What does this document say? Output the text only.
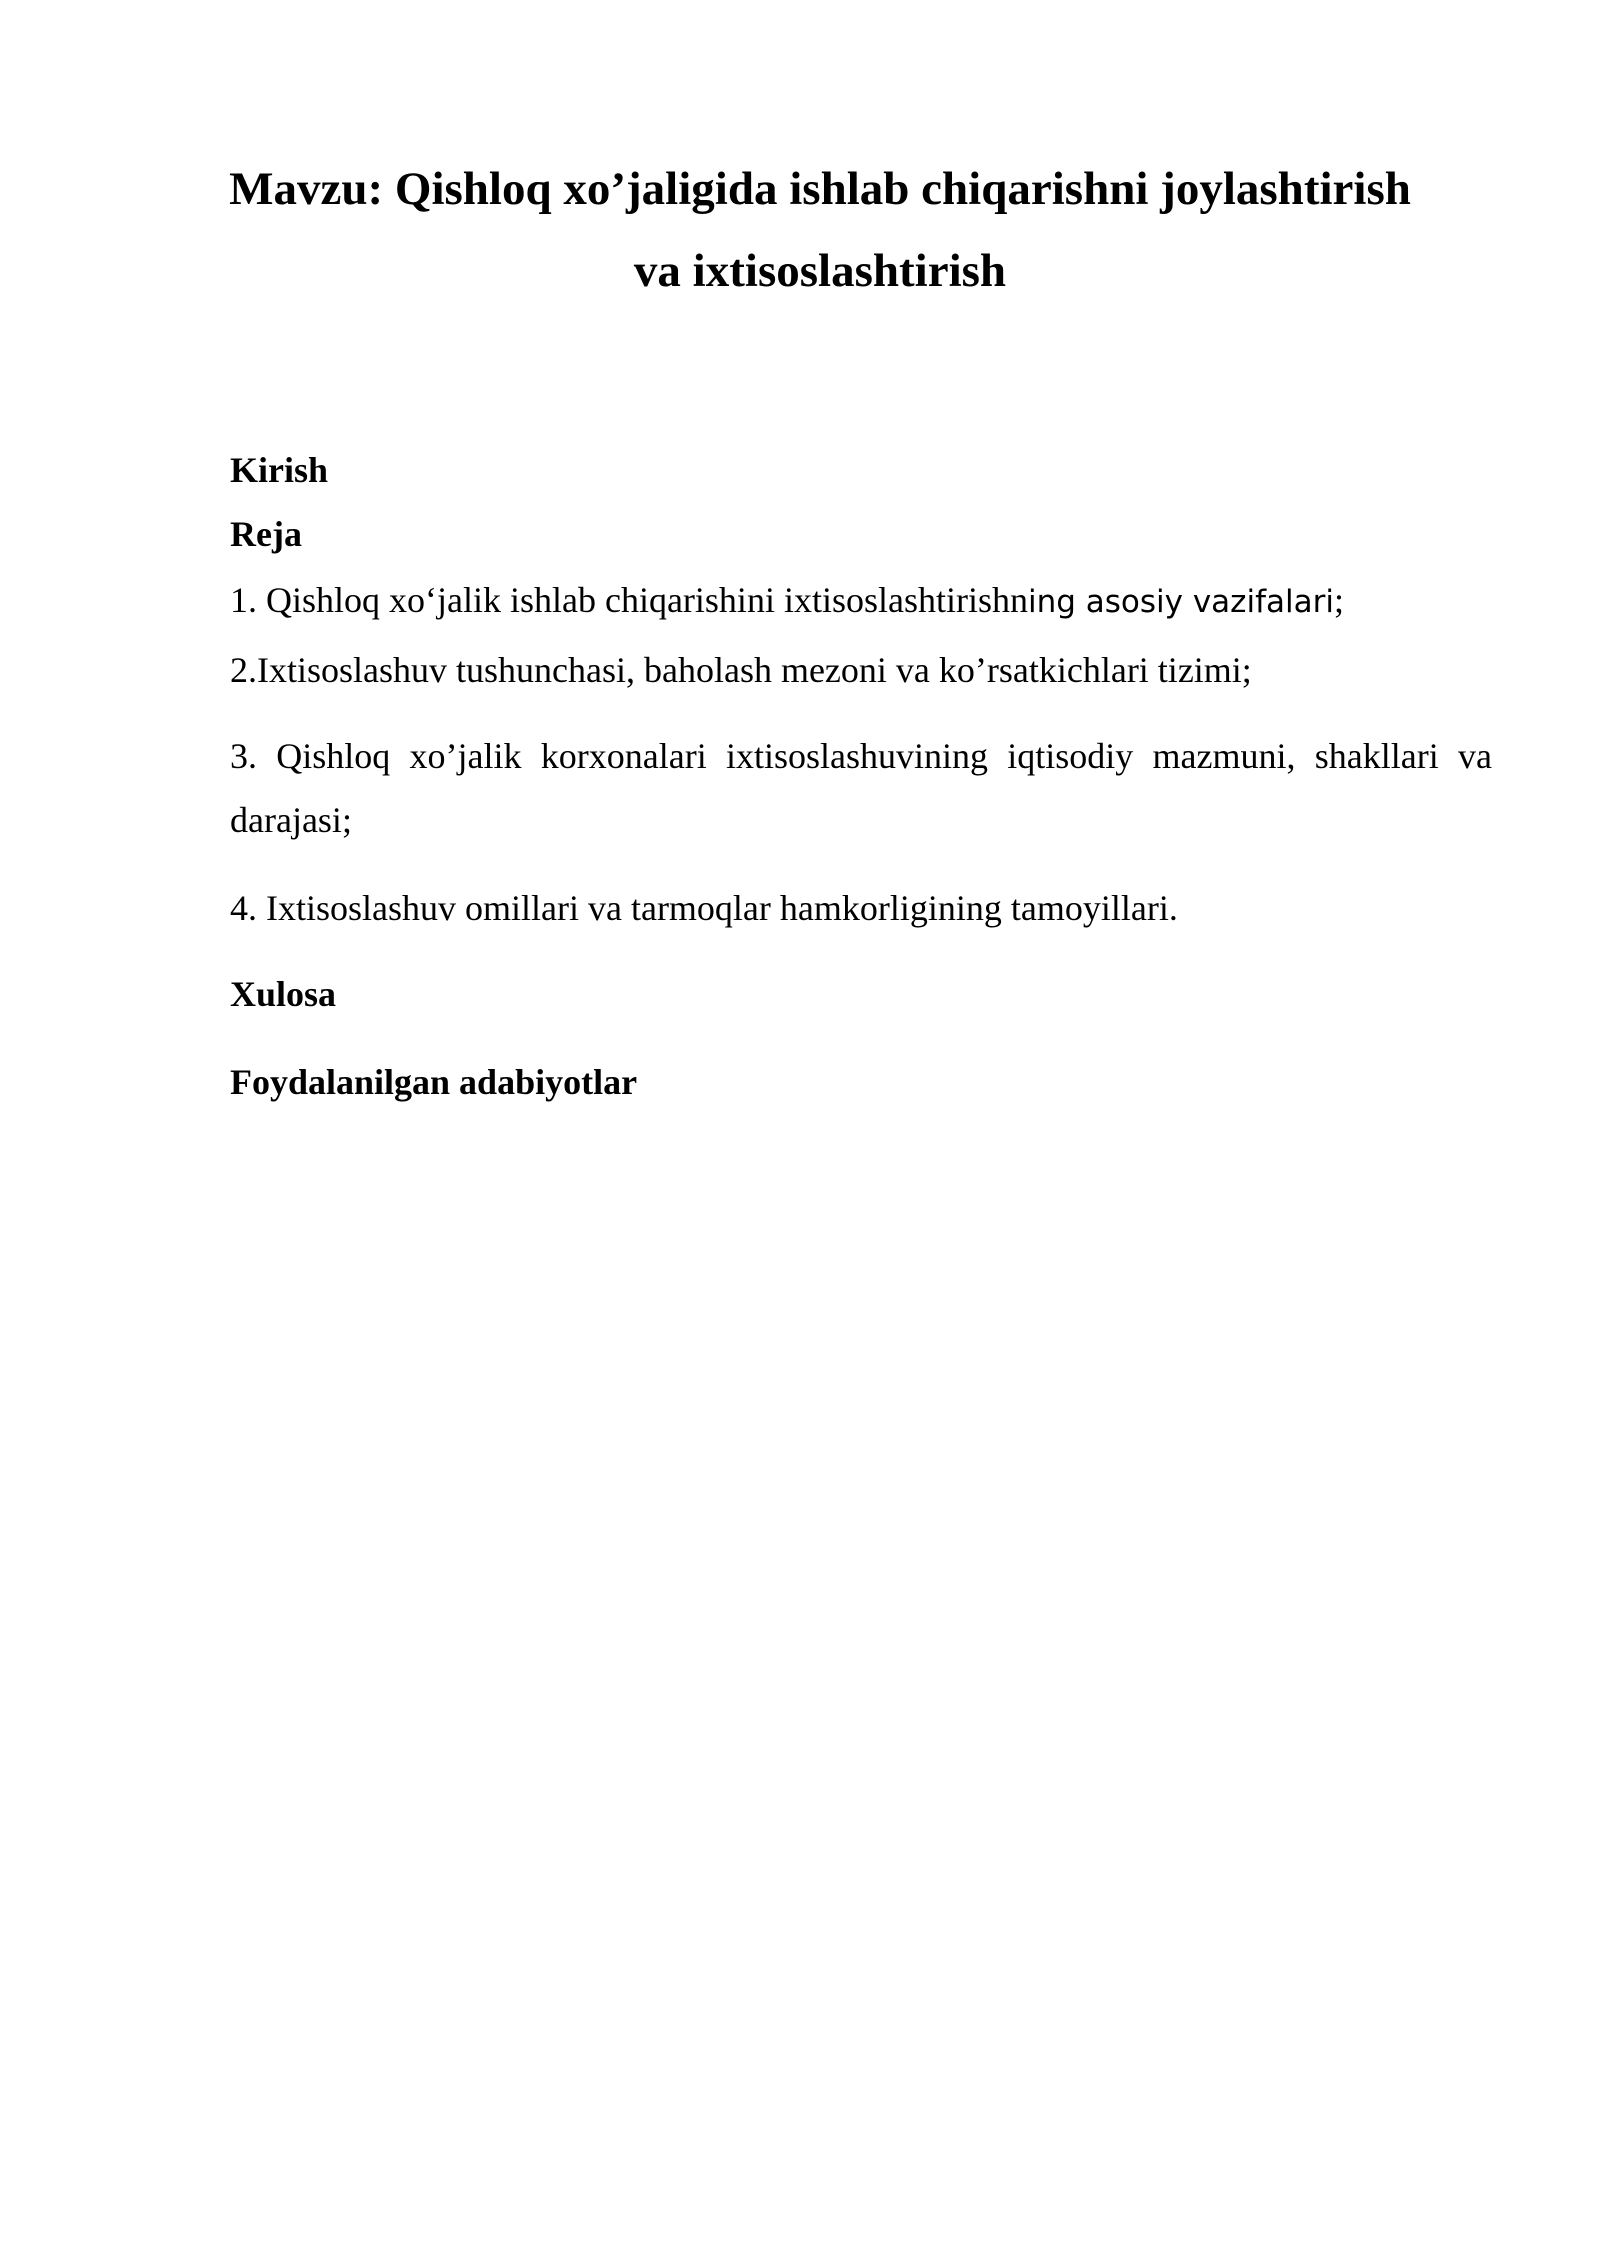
Mavzu: Qishloq xo’jaligida ishlab chiqarishni joylashtirish
va ixtisoslashtirish

Kirish

Reja

1. Qishloq xo‘jalik ishlab chiqarishini ixtisoslashtirishning asosiy vazifalari;

2.Ixtisoslashuv tushunchasi, baholash mezoni va ko’rsatkichlari tizimi;

3. Qishloq xo’jalik korxonalari ixtisoslashuvining iqtisodiy mazmuni, shakllari va darajasi;

4. Ixtisoslashuv omillari va tarmoqlar hamkorligining tamoyillari.

Xulosa

Foydalanilgan adabiyotlar
